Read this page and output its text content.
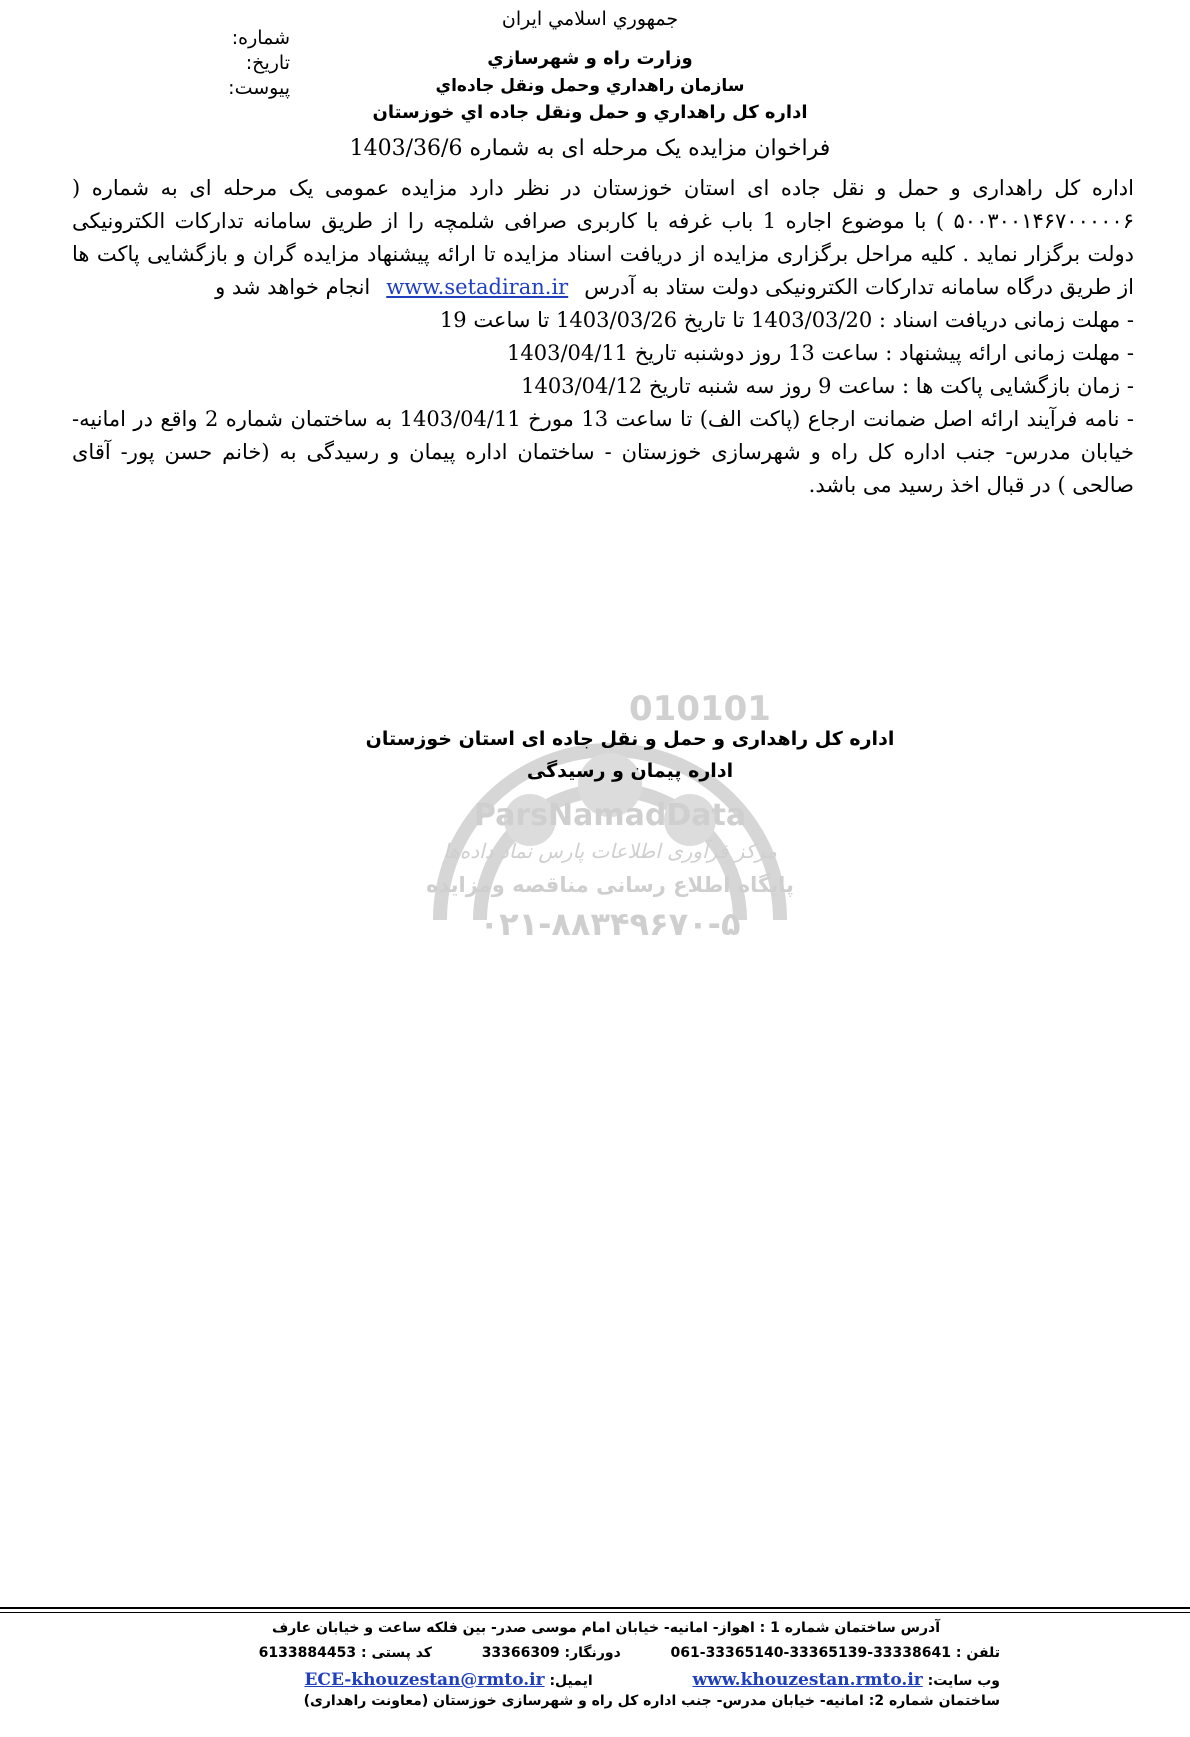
010101
ParsNamadData
مرکز فرآوری اطلاعات پارس نماد داده‌ها
پایگاه اطلاع رسانی مناقصه ومزایده
۰۲۱-۸۸۳۴۹۶۷۰-۵
جمهوري اسلامي ايران
وزارت راه و شهرسازي
سازمان راهداري وحمل ونقل جاده‌اي
اداره كل راهداري و حمل ونقل جاده اي خوزستان
شماره:
تاريخ:
پيوست:
فراخوان مزایده یک مرحله ای به شماره 1403/36/6

اداره کل راهداری و حمل و نقل جاده ای استان خوزستان در نظر دارد مزایده عمومی یک مرحله ای به شماره ( ۵۰۰۳۰۰۱۴۶۷۰۰۰۰۰۶ ) با موضوع اجاره 1 باب غرفه با کاربری صرافی شلمچه را از طریق سامانه تدارکات الکترونیکی دولت برگزار نماید . کلیه مراحل برگزاری مزایده از دریافت اسناد مزایده تا ارائه پیشنهاد مزایده گران و بازگشایی پاکت ها از طریق درگاه سامانه تدارکات الکترونیکی دولت ستاد به آدرسwww.setadiran.irانجام خواهد شد و

- مهلت زمانی دریافت اسناد : 1403/03/20 تا تاریخ 1403/03/26 تا ساعت 19

- مهلت زمانی ارائه پیشنهاد : ساعت 13 روز دوشنبه تاریخ 1403/04/11

- زمان بازگشایی پاکت ها : ساعت 9 روز سه شنبه تاریخ 1403/04/12

- نامه فرآیند ارائه اصل ضمانت ارجاع (پاکت الف) تا ساعت 13 مورخ 1403/04/11 به ساختمان شماره 2 واقع در امانیه- خیابان مدرس- جنب اداره کل راه و شهرسازی خوزستان - ساختمان اداره پیمان و رسیدگی به (خانم حسن پور- آقای صالحی ) در قبال اخذ رسید می باشد.

اداره کل راهداری و حمل و نقل جاده ای استان خوزستان
اداره پیمان و رسیدگی
آدرس ساختمان شماره 1 : اهواز- امانیه- خیابان امام موسی صدر- بین فلکه ساعت و خیابان عارف
تلفن : 33338641-33365139-33365140-061  دورنگار: 33366309  کد پستی : 6133884453
وب سایت: www.khouzestan.rmto.ir  ایمیل: ECE-khouzestan@rmto.ir
ساختمان شماره 2: امانیه- خیابان مدرس- جنب اداره کل راه و شهرسازی خوزستان (معاونت راهداری)
